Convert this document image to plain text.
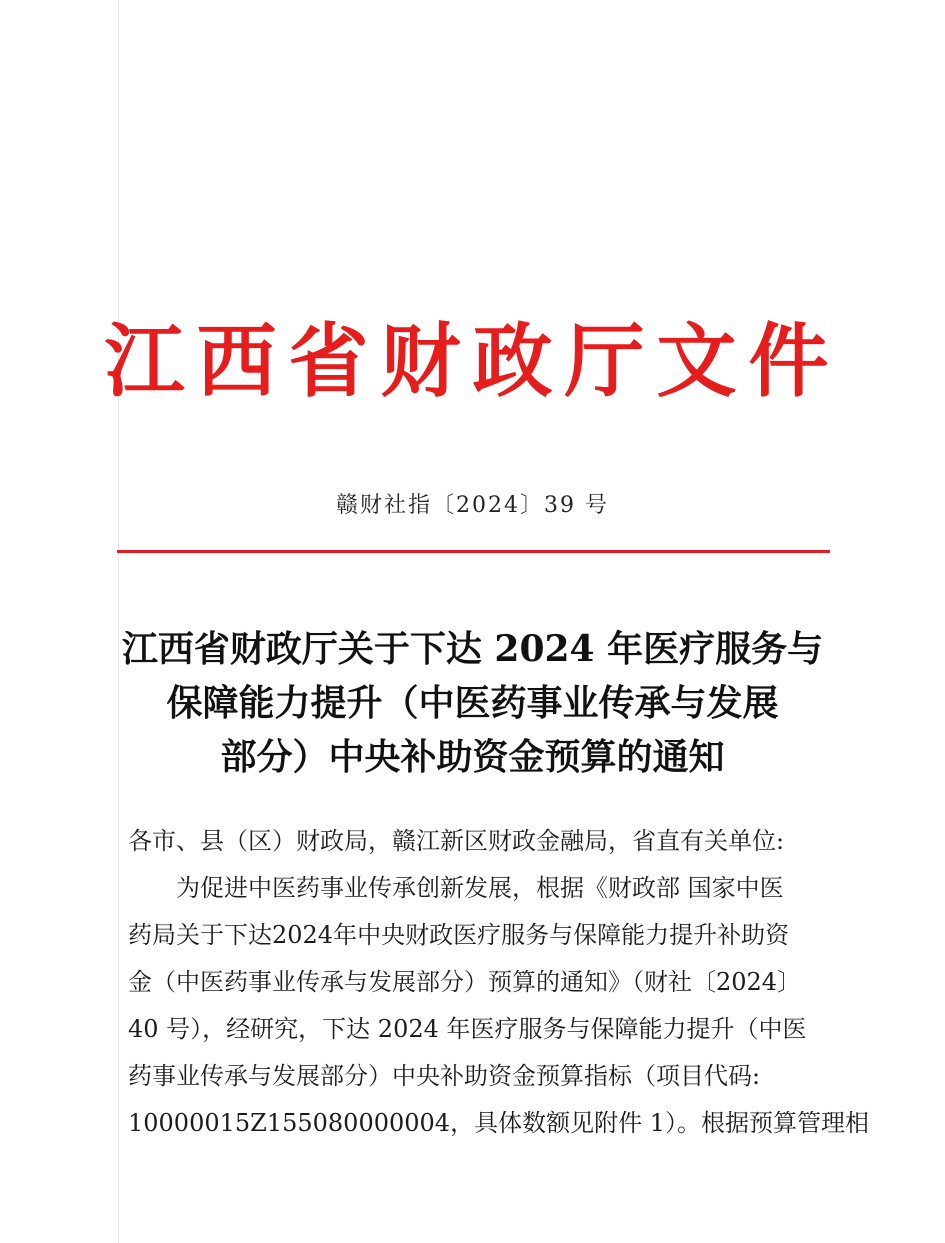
江西省财政厅文件
赣财社指〔2024〕39 号
江西省财政厅关于下达 2024 年医疗服务与
保障能力提升（中医药事业传承与发展
部分）中央补助资金预算的通知
各市、县（区）财政局，赣江新区财政金融局，省直有关单位:
为促进中医药事业传承创新发展，根据《财政部 国家中医
药局关于下达2024年中央财政医疗服务与保障能力提升补助资
金（中医药事业传承与发展部分）预算的通知》（财社〔2024〕
40 号），经研究，下达 2024 年医疗服务与保障能力提升（中医
药事业传承与发展部分）中央补助资金预算指标（项目代码:
10000015Z155080000004，具体数额见附件 1）。根据预算管理相
